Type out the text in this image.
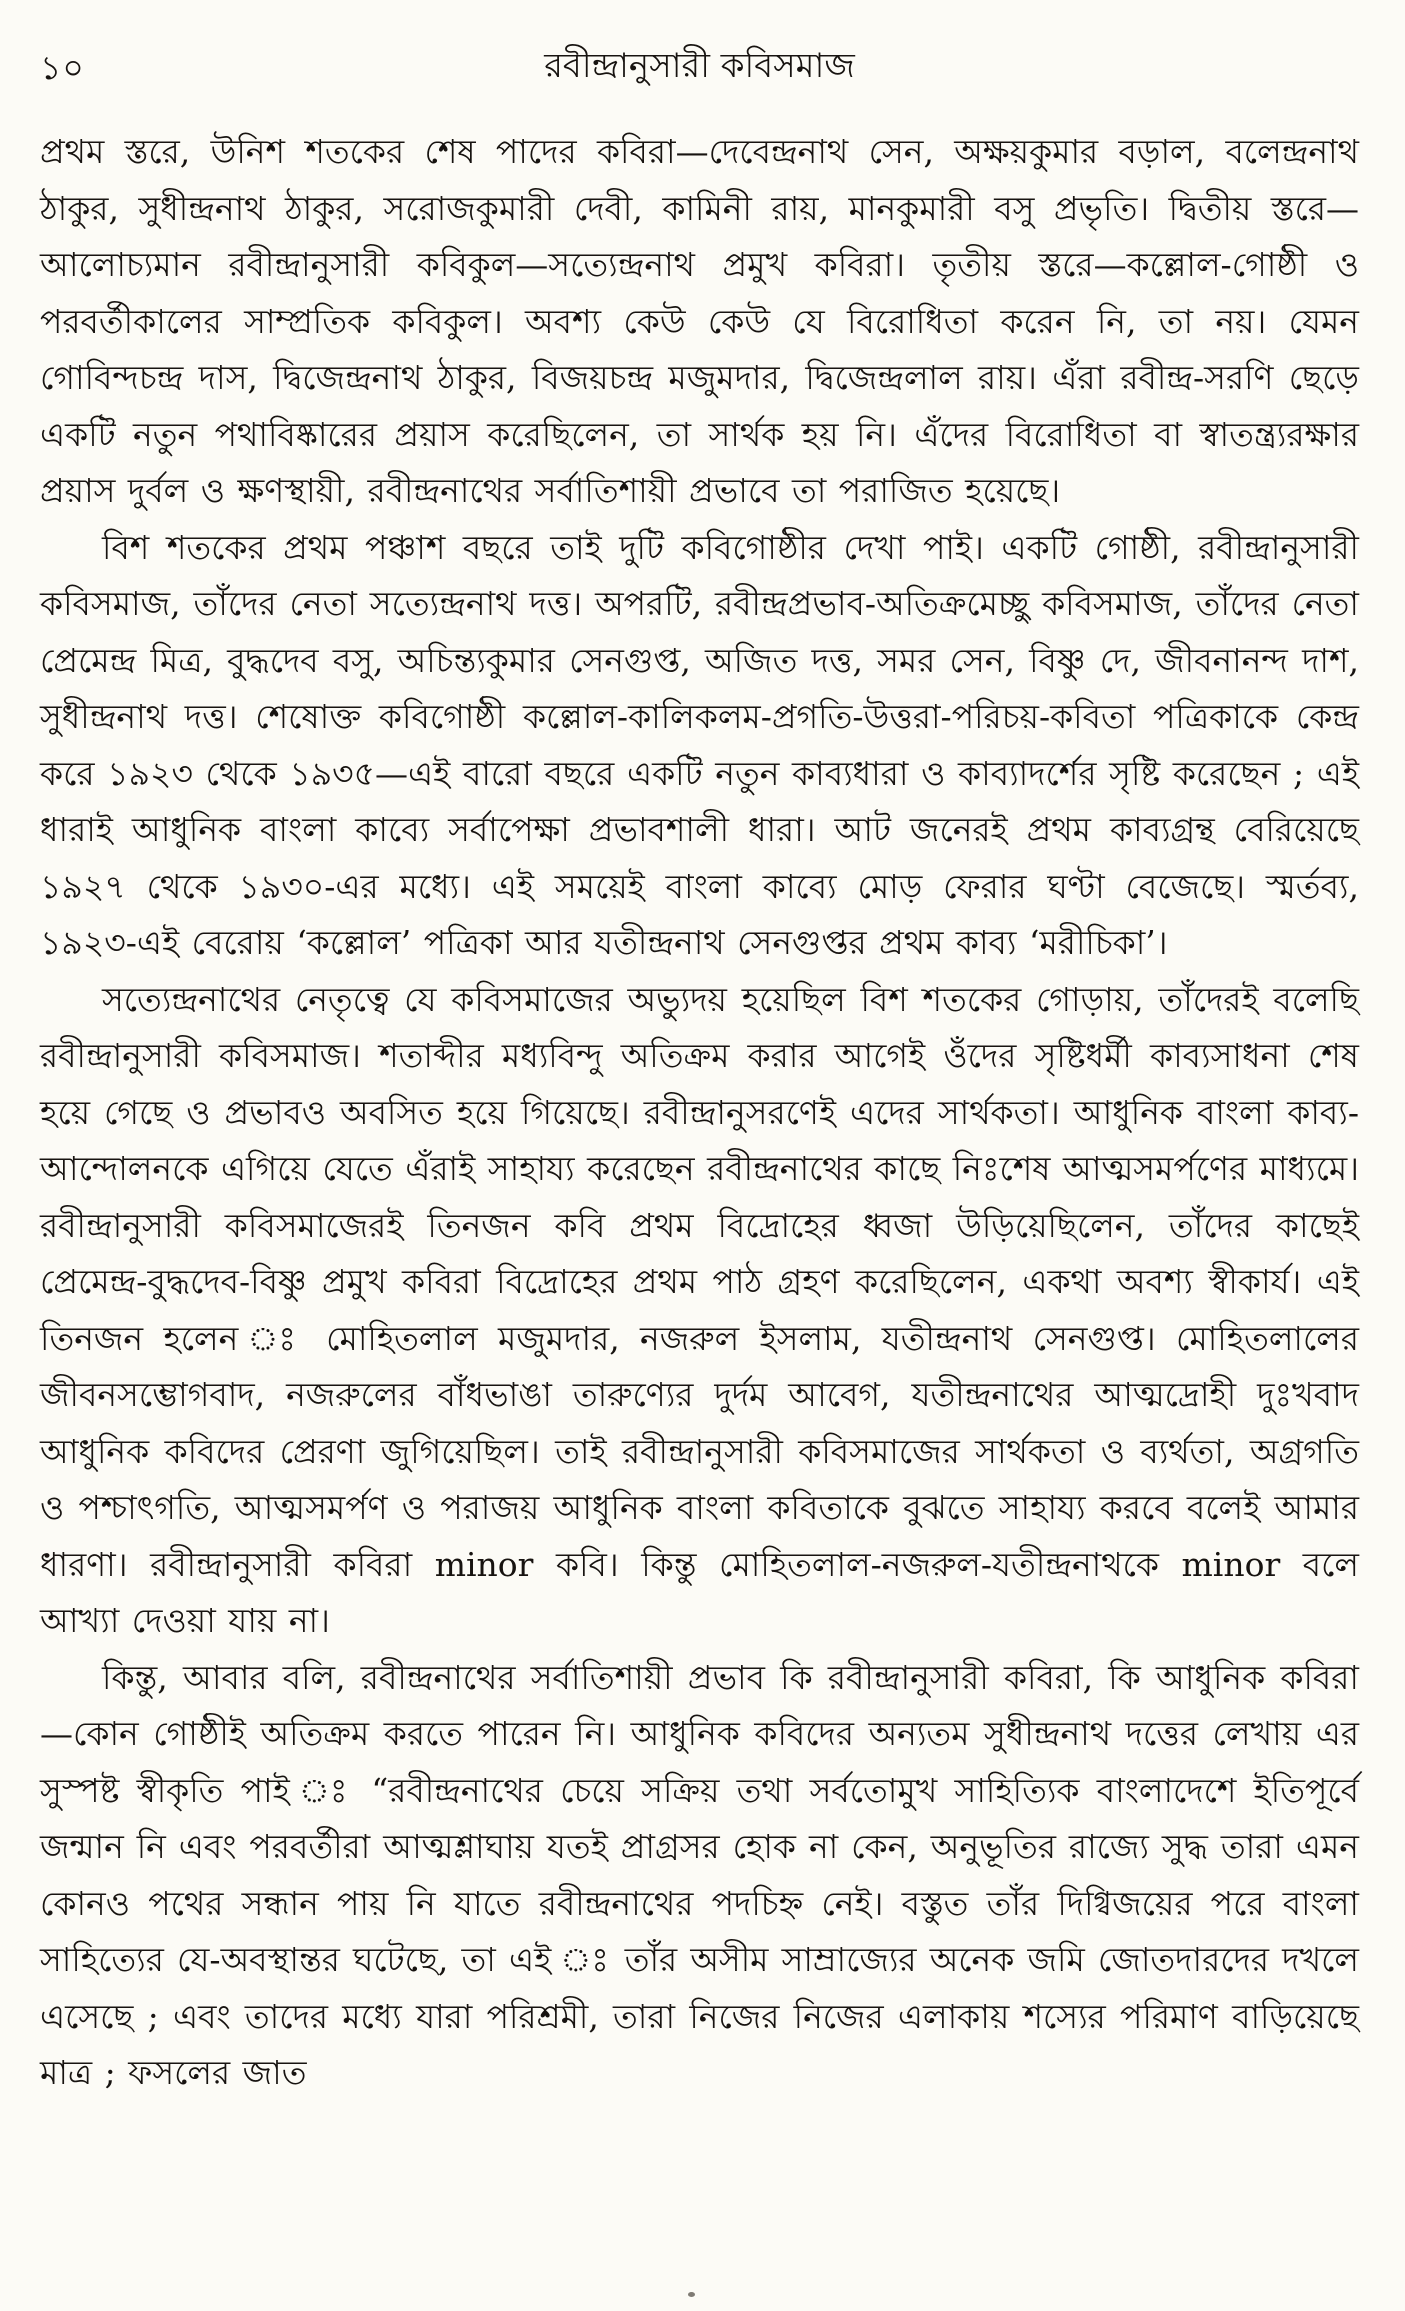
১০	রবীন্দ্রানুসারী কবিসমাজ

প্রথম স্তরে, উনিশ শতকের শেষ পাদের কবিরা—দেবেন্দ্রনাথ সেন, অক্ষয়কুমার বড়াল, বলেন্দ্রনাথ ঠাকুর, সুধীন্দ্রনাথ ঠাকুর, সরোজকুমারী দেবী, কামিনী রায়, মানকুমারী বসু প্রভৃতি। দ্বিতীয় স্তরে—আলোচ্যমান রবীন্দ্রানুসারী কবিকুল—সত্যেন্দ্রনাথ প্রমুখ কবিরা। তৃতীয় স্তরে—কল্লোল-গোষ্ঠী ও পরবর্তীকালের সাম্প্রতিক কবিকুল। অবশ্য কেউ কেউ যে বিরোধিতা করেন নি, তা নয়। যেমন গোবিন্দচন্দ্র দাস, দ্বিজেন্দ্রনাথ ঠাকুর, বিজয়চন্দ্র মজুমদার, দ্বিজেন্দ্রলাল রায়। এঁরা রবীন্দ্র-সরণি ছেড়ে একটি নতুন পথাবিষ্কারের প্রয়াস করেছিলেন, তা সার্থক হয় নি। এঁদের বিরোধিতা বা স্বাতন্ত্র্যরক্ষার প্রয়াস দুর্বল ও ক্ষণস্থায়ী, রবীন্দ্রনাথের সর্বাতিশায়ী প্রভাবে তা পরাজিত হয়েছে।

বিশ শতকের প্রথম পঞ্চাশ বছরে তাই দুটি কবিগোষ্ঠীর দেখা পাই। একটি গোষ্ঠী, রবীন্দ্রানুসারী কবিসমাজ, তাঁদের নেতা সত্যেন্দ্রনাথ দত্ত। অপরটি, রবীন্দ্রপ্রভাব-অতিক্রমেচ্ছু কবিসমাজ, তাঁদের নেতা প্রেমেন্দ্র মিত্র, বুদ্ধদেব বসু, অচিন্ত্যকুমার সেনগুপ্ত, অজিত দত্ত, সমর সেন, বিষ্ণু দে, জীবনানন্দ দাশ, সুধীন্দ্রনাথ দত্ত। শেষোক্ত কবিগোষ্ঠী কল্লোল-কালিকলম-প্রগতি-উত্তরা-পরিচয়-কবিতা পত্রিকাকে কেন্দ্র করে ১৯২৩ থেকে ১৯৩৫—এই বারো বছরে একটি নতুন কাব্যধারা ও কাব্যাদর্শের সৃষ্টি করেছেন ; এই ধারাই আধুনিক বাংলা কাব্যে সর্বাপেক্ষা প্রভাবশালী ধারা। আট জনেরই প্রথম কাব্যগ্রন্থ বেরিয়েছে ১৯২৭ থেকে ১৯৩০-এর মধ্যে। এই সময়েই বাংলা কাব্যে মোড় ফেরার ঘণ্টা বেজেছে। স্মর্তব্য, ১৯২৩-এই বেরোয় ‘কল্লোল’ পত্রিকা আর যতীন্দ্রনাথ সেনগুপ্তর প্রথম কাব্য ‘মরীচিকা’।

সত্যেন্দ্রনাথের নেতৃত্বে যে কবিসমাজের অভ্যুদয় হয়েছিল বিশ শতকের গোড়ায়, তাঁদেরই বলেছি রবীন্দ্রানুসারী কবিসমাজ। শতাব্দীর মধ্যবিন্দু অতিক্রম করার আগেই ওঁদের সৃষ্টিধর্মী কাব্যসাধনা শেষ হয়ে গেছে ও প্রভাবও অবসিত হয়ে গিয়েছে। রবীন্দ্রানুসরণেই এদের সার্থকতা। আধুনিক বাংলা কাব্য-আন্দোলনকে এগিয়ে যেতে এঁরাই সাহায্য করেছেন রবীন্দ্রনাথের কাছে নিঃশেষ আত্মসমর্পণের মাধ্যমে। রবীন্দ্রানুসারী কবিসমাজেরই তিনজন কবি প্রথম বিদ্রোহের ধ্বজা উড়িয়েছিলেন, তাঁদের কাছেই প্রেমেন্দ্র-বুদ্ধদেব-বিষ্ণু প্রমুখ কবিরা বিদ্রোহের প্রথম পাঠ গ্রহণ করেছিলেন, একথা অবশ্য স্বীকার্য। এই তিনজন হলেন ঃ মোহিতলাল মজুমদার, নজরুল ইসলাম, যতীন্দ্রনাথ সেনগুপ্ত। মোহিতলালের জীবনসম্ভোগবাদ, নজরুলের বাঁধভাঙা তারুণ্যের দুর্দম আবেগ, যতীন্দ্রনাথের আত্মদ্রোহী দুঃখবাদ আধুনিক কবিদের প্রেরণা জুগিয়েছিল। তাই রবীন্দ্রানুসারী কবিসমাজের সার্থকতা ও ব্যর্থতা, অগ্রগতি ও পশ্চাৎগতি, আত্মসমর্পণ ও পরাজয় আধুনিক বাংলা কবিতাকে বুঝতে সাহায্য করবে বলেই আমার ধারণা। রবীন্দ্রানুসারী কবিরা minor কবি। কিন্তু মোহিতলাল-নজরুল-যতীন্দ্রনাথকে minor বলে আখ্যা দেওয়া যায় না।

কিন্তু, আবার বলি, রবীন্দ্রনাথের সর্বাতিশায়ী প্রভাব কি রবীন্দ্রানুসারী কবিরা, কি আধুনিক কবিরা—কোন গোষ্ঠীই অতিক্রম করতে পারেন নি। আধুনিক কবিদের অন্যতম সুধীন্দ্রনাথ দত্তের লেখায় এর সুস্পষ্ট স্বীকৃতি পাই ঃ “রবীন্দ্রনাথের চেয়ে সক্রিয় তথা সর্বতোমুখ সাহিত্যিক বাংলাদেশে ইতিপূর্বে জন্মান নি এবং পরবর্তীরা আত্মশ্লাঘায় যতই প্রাগ্রসর হোক না কেন, অনুভূতির রাজ্যে সুদ্ধ তারা এমন কোনও পথের সন্ধান পায় নি যাতে রবীন্দ্রনাথের পদচিহ্ন নেই। বস্তুত তাঁর দিগ্বিজয়ের পরে বাংলা সাহিত্যের যে-অবস্থান্তর ঘটেছে, তা এই ঃ তাঁর অসীম সাম্রাজ্যের অনেক জমি জোতদারদের দখলে এসেছে ; এবং তাদের মধ্যে যারা পরিশ্রমী, তারা নিজের নিজের এলাকায় শস্যের পরিমাণ বাড়িয়েছে মাত্র ; ফসলের জাত
